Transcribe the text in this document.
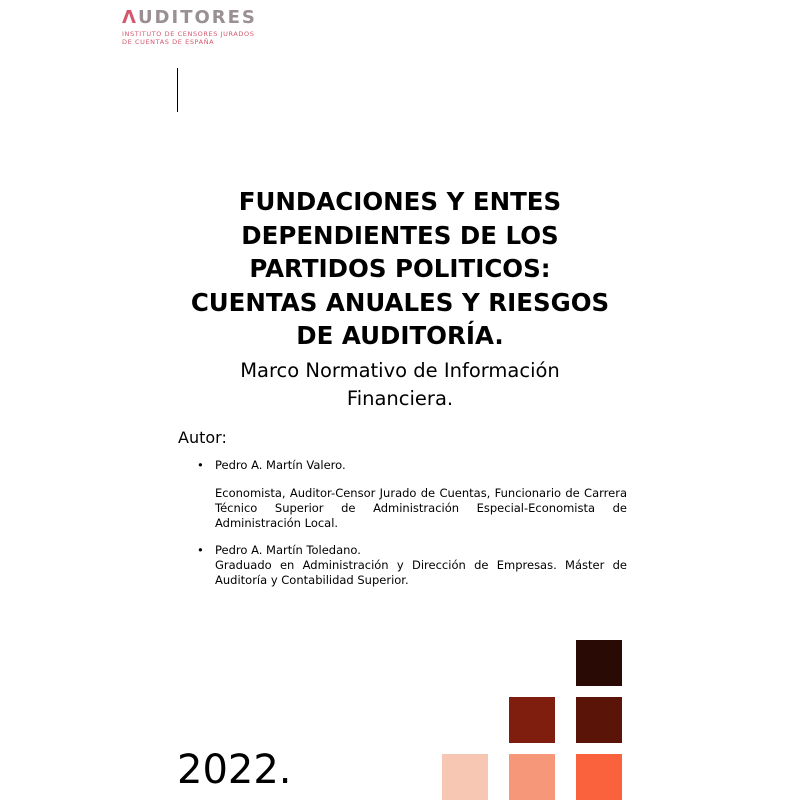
ΛUDITORES
INSTITUTO DE CENSORES JURADOS
DE CUENTAS DE ESPAÑA
FUNDACIONES Y ENTES
DEPENDIENTES DE LOS
PARTIDOS POLITICOS:
CUENTAS ANUALES Y RIESGOS
DE AUDITORÍA.

Marco Normativo de Información
Financiera.

Autor:

• Pedro A. Martín Valero.
Economista, Auditor-Censor Jurado de Cuentas, Funcionario de Carrera Técnico Superior de Administración Especial-Economista de Administración Local.
• Pedro A. Martín Toledano.
Graduado en Administración y Dirección de Empresas. Máster de Auditoría y Contabilidad Superior.

2022.
